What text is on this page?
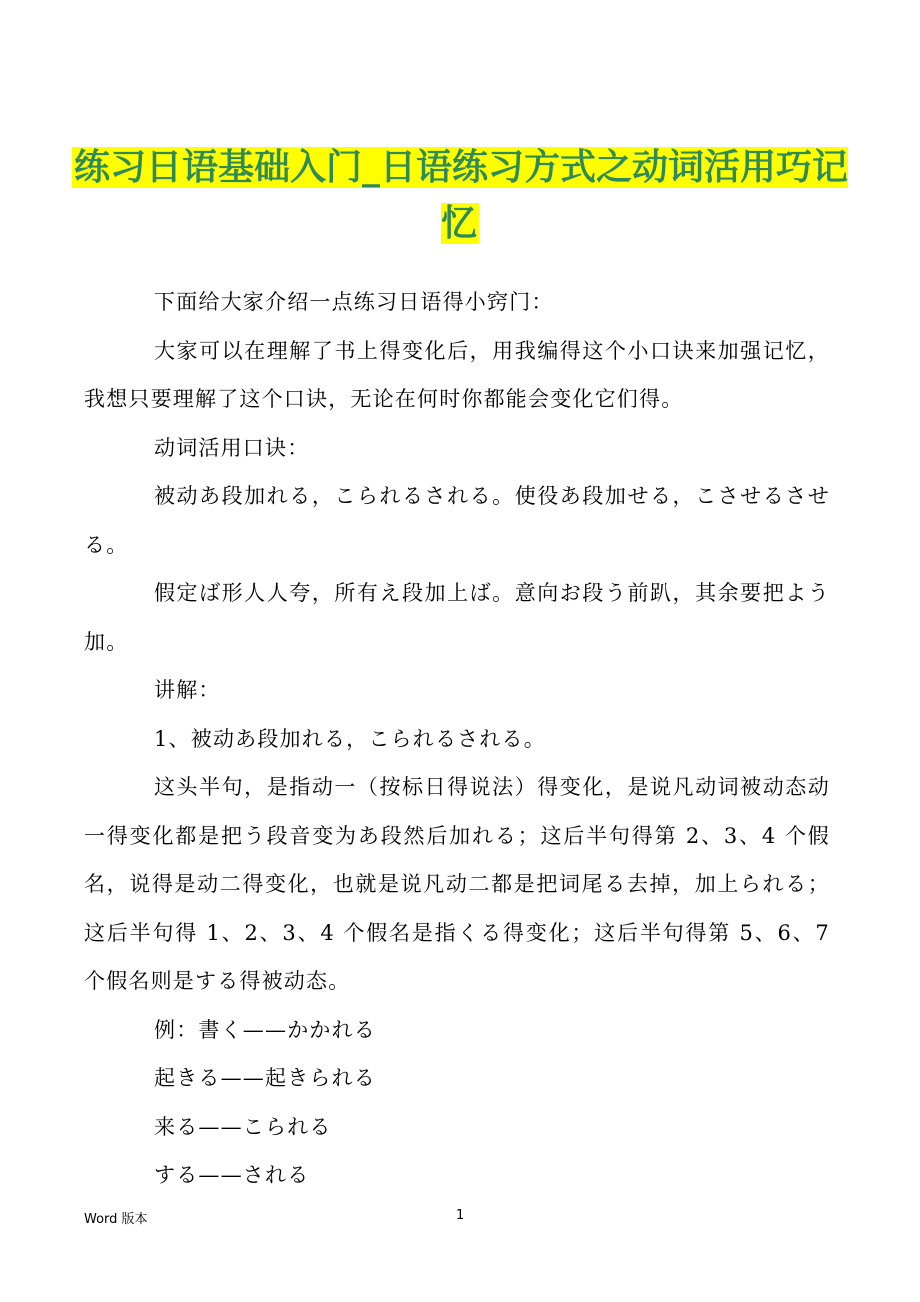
练习日语基础入门_日语练习方式之动词活用巧记忆

下面给大家介绍一点练习日语得小窍门：

大家可以在理解了书上得变化后，用我编得这个小口诀来加强记忆，我想只要理解了这个口诀，无论在何时你都能会变化它们得。

动词活用口诀：

被动あ段加れる，こられるされる。使役あ段加せる，こさせるさせる。

假定ば形人人夸，所有え段加上ば。意向お段う前趴，其余要把よう加。

讲解：

1、被动あ段加れる，こられるされる。

这头半句，是指动一（按标日得说法）得变化，是说凡动词被动态动一得变化都是把う段音变为あ段然后加れる；这后半句得第 2、3、4 个假名，说得是动二得变化，也就是说凡动二都是把词尾る去掉，加上られる；这后半句得 1、2、3、4 个假名是指くる得变化；这后半句得第 5、6、7 个假名则是する得被动态。

例：書く——かかれる

起きる——起きられる

来る——こられる

する——される

Word 版本	1
